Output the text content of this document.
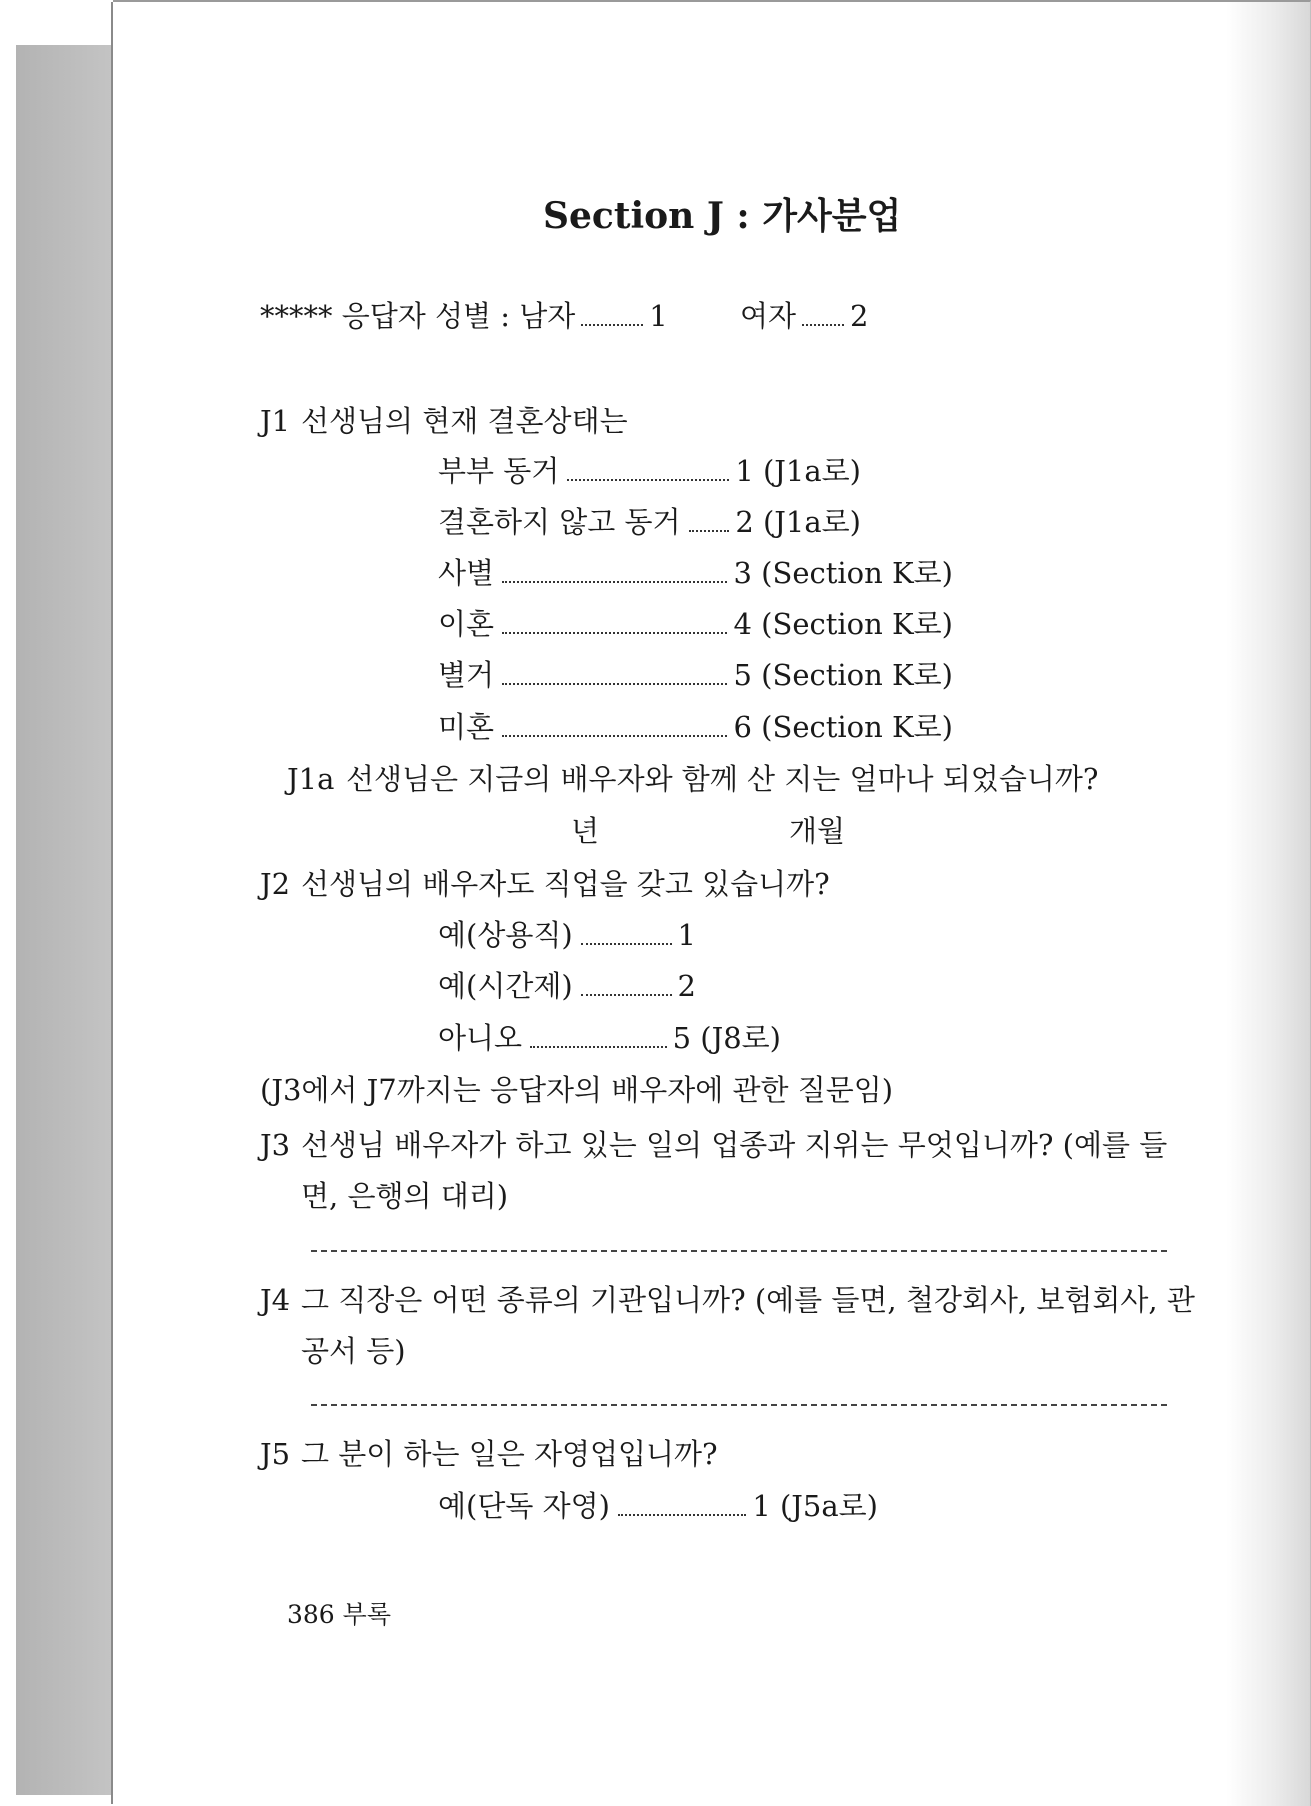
Section J : 가사분업
***** 응답자 성별 : 남자	1 여자 2
J1 선생님의 현재 결혼상태는
부부 동거	1 (J1a로)
결혼하지 않고 동거 2 (J1a로)
사별	3 (Section K로)
이혼	4 (Section K로)
별거	5 (Section K로)
미혼	6 (Section K로)
J1a 선생님은 지금의 배우자와 함께 산 지는 얼마나 되었습니까?
년	개월
J2 선생님의 배우자도 직업을 갖고 있습니까?
예(상용직)	1
예(시간제)	2
아니오	5 (J8로)
(J3에서 J7까지는 응답자의 배우자에 관한 질문임)
J3 선생님 배우자가 하고 있는 일의 업종과 지위는 무엇입니까? (예를 들
면, 은행의 대리)
J4 그 직장은 어떤 종류의 기관입니까? (예를 들면, 철강회사, 보험회사, 관
공서 등)
J5 그 분이 하는 일은 자영업입니까?
예(단독 자영)	1 (J5a로)
386 부록
